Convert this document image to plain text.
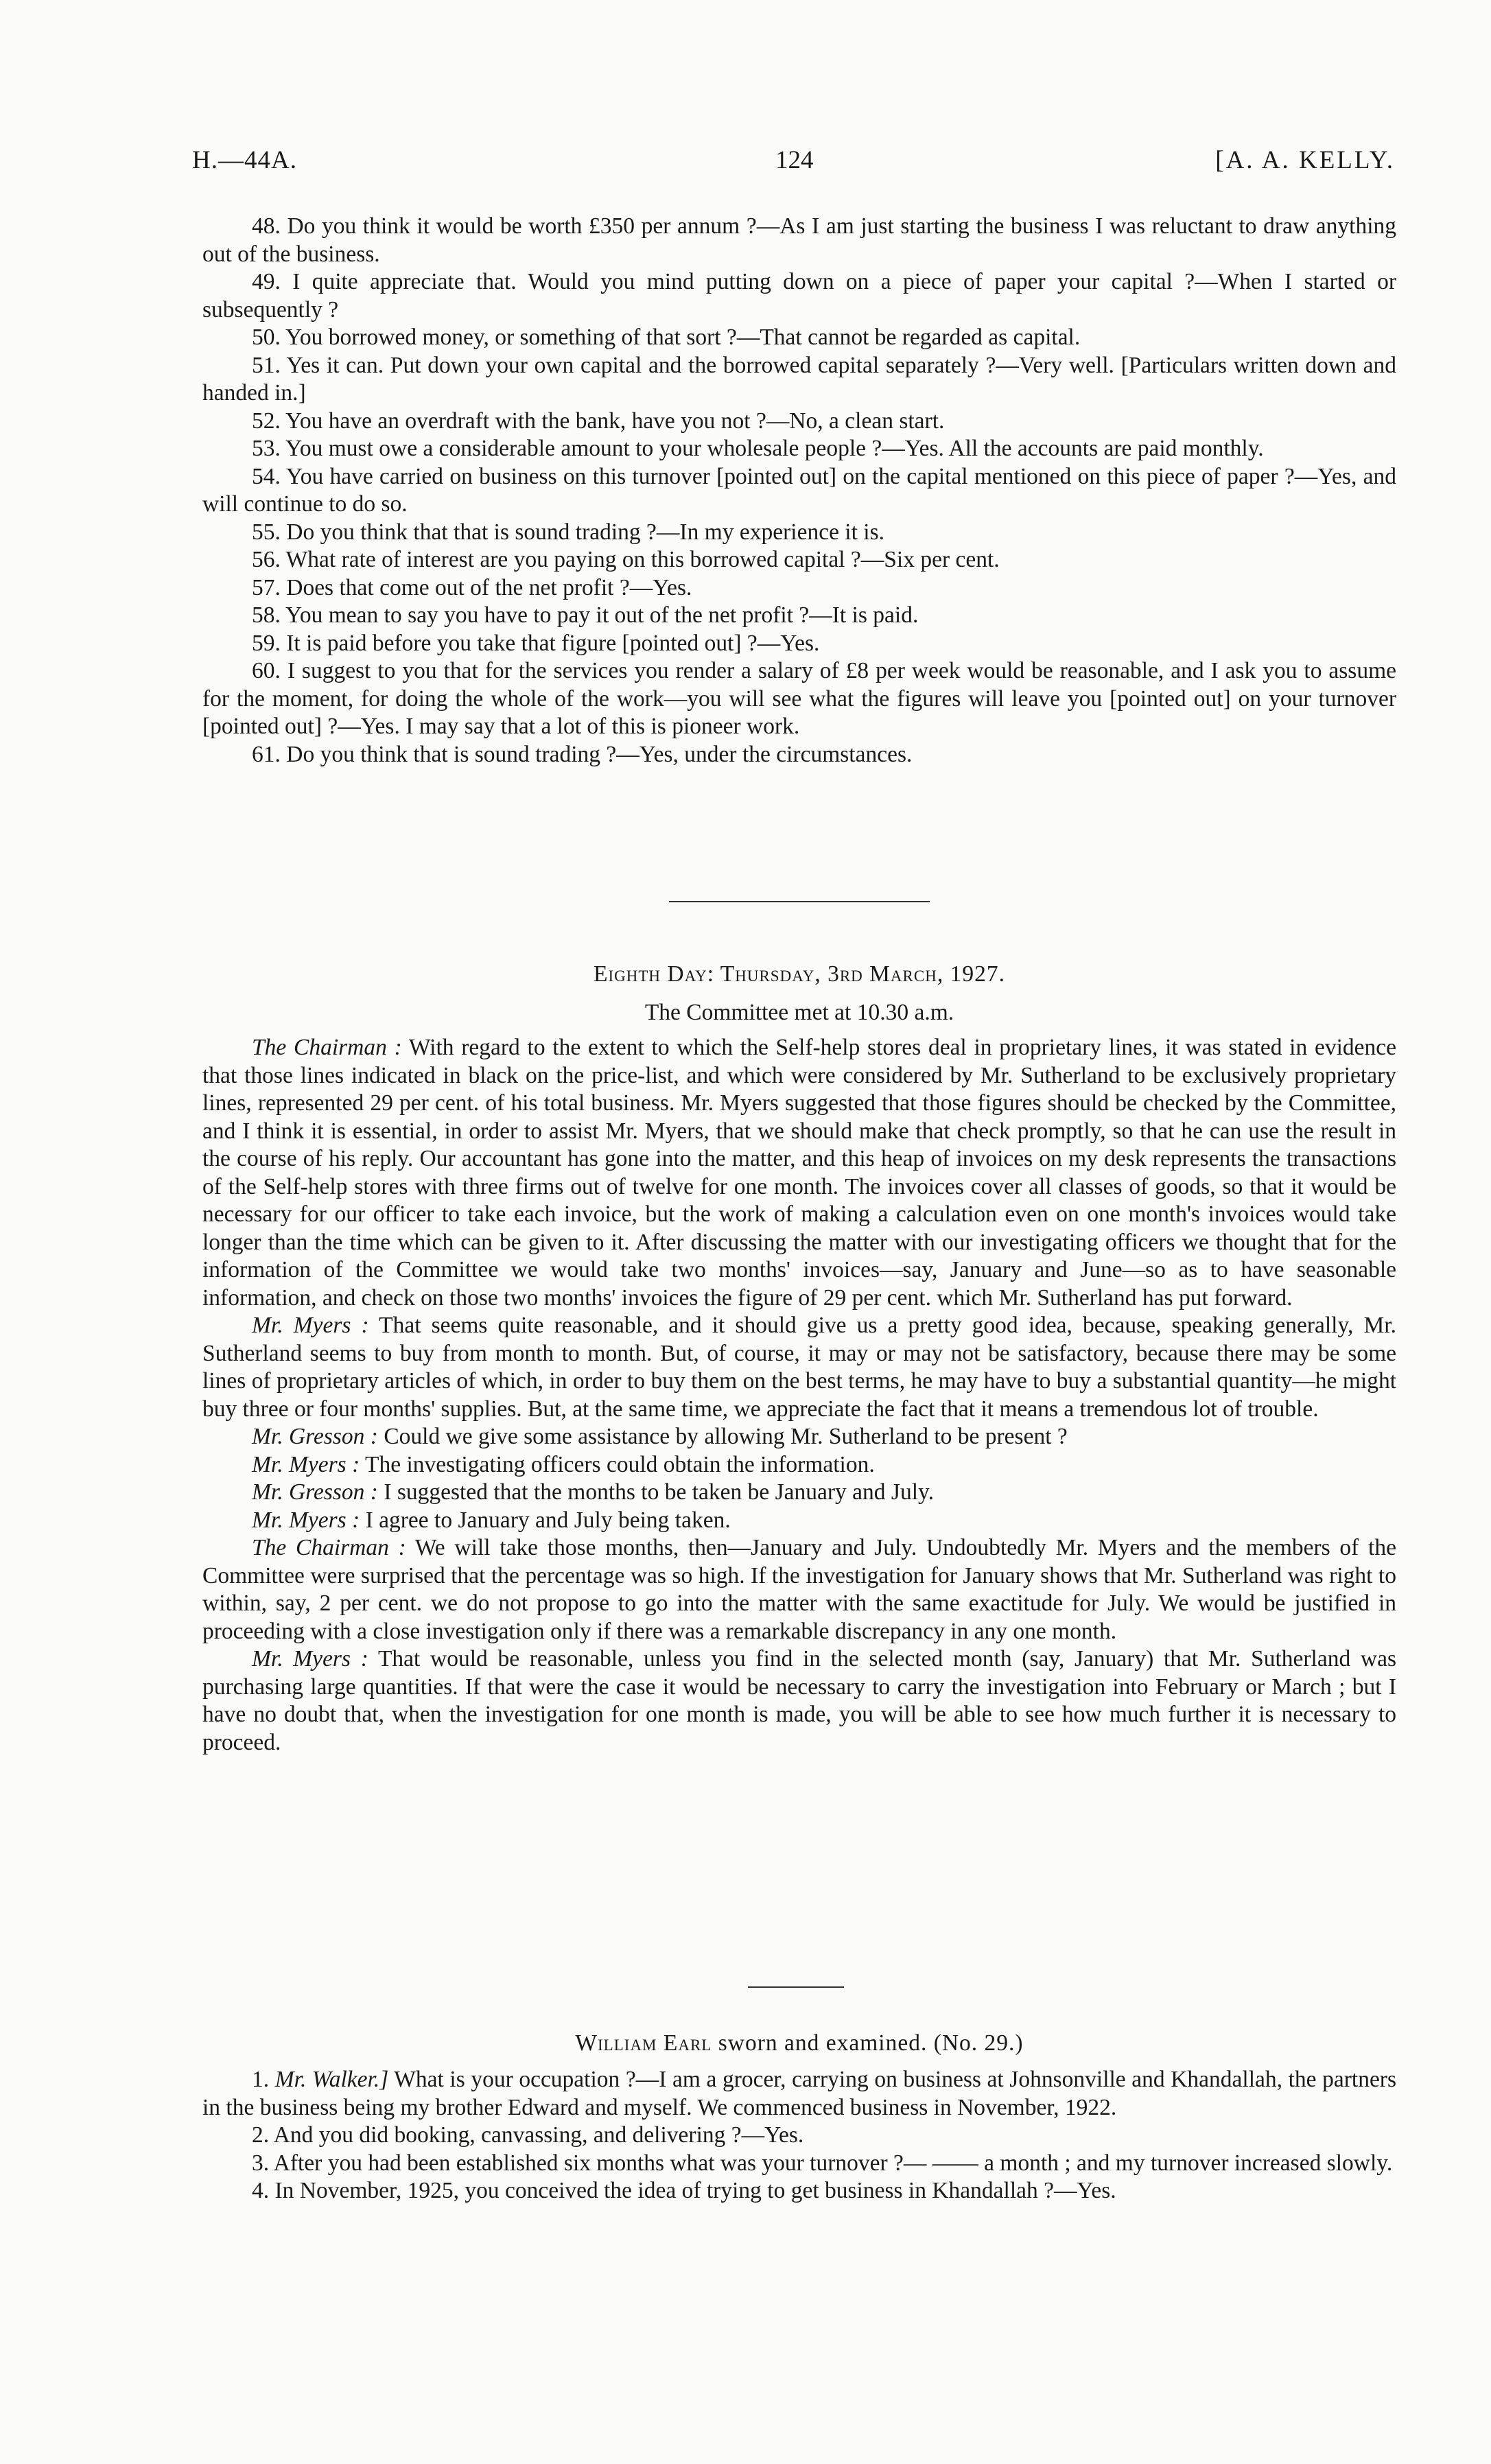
H.—44A.	124	[A. A. KELLY.

48. Do you think it would be worth £350 per annum ?—As I am just starting the business I was reluctant to draw anything out of the business.

49. I quite appreciate that. Would you mind putting down on a piece of paper your capital ?—When I started or subsequently ?

50. You borrowed money, or something of that sort ?—That cannot be regarded as capital.

51. Yes it can. Put down your own capital and the borrowed capital separately ?—Very well. [Particulars written down and handed in.]

52. You have an overdraft with the bank, have you not ?—No, a clean start.

53. You must owe a considerable amount to your wholesale people ?—Yes. All the accounts are paid monthly.

54. You have carried on business on this turnover [pointed out] on the capital mentioned on this piece of paper ?—Yes, and will continue to do so.

55. Do you think that that is sound trading ?—In my experience it is.

56. What rate of interest are you paying on this borrowed capital ?—Six per cent.

57. Does that come out of the net profit ?—Yes.

58. You mean to say you have to pay it out of the net profit ?—It is paid.

59. It is paid before you take that figure [pointed out] ?—Yes.

60. I suggest to you that for the services you render a salary of £8 per week would be reasonable, and I ask you to assume for the moment, for doing the whole of the work—you will see what the figures will leave you [pointed out] on your turnover [pointed out] ?—Yes. I may say that a lot of this is pioneer work.

61. Do you think that is sound trading ?—Yes, under the circumstances.

Eighth Day: Thursday, 3rd March, 1927.
The Committee met at 10.30 a.m.

The Chairman : With regard to the extent to which the Self-help stores deal in proprietary lines, it was stated in evidence that those lines indicated in black on the price-list, and which were considered by Mr. Sutherland to be exclusively proprietary lines, represented 29 per cent. of his total business. Mr. Myers suggested that those figures should be checked by the Committee, and I think it is essential, in order to assist Mr. Myers, that we should make that check promptly, so that he can use the result in the course of his reply. Our accountant has gone into the matter, and this heap of invoices on my desk represents the transactions of the Self-help stores with three firms out of twelve for one month. The invoices cover all classes of goods, so that it would be necessary for our officer to take each invoice, but the work of making a calculation even on one month's invoices would take longer than the time which can be given to it. After discussing the matter with our investigating officers we thought that for the information of the Committee we would take two months' invoices—say, January and June—so as to have seasonable information, and check on those two months' invoices the figure of 29 per cent. which Mr. Sutherland has put forward.

Mr. Myers : That seems quite reasonable, and it should give us a pretty good idea, because, speaking generally, Mr. Sutherland seems to buy from month to month. But, of course, it may or may not be satisfactory, because there may be some lines of proprietary articles of which, in order to buy them on the best terms, he may have to buy a substantial quantity—he might buy three or four months' supplies. But, at the same time, we appreciate the fact that it means a tremendous lot of trouble.

Mr. Gresson : Could we give some assistance by allowing Mr. Sutherland to be present ?

Mr. Myers : The investigating officers could obtain the information.

Mr. Gresson : I suggested that the months to be taken be January and July.

Mr. Myers : I agree to January and July being taken.

The Chairman : We will take those months, then—January and July. Undoubtedly Mr. Myers and the members of the Committee were surprised that the percentage was so high. If the investigation for January shows that Mr. Sutherland was right to within, say, 2 per cent. we do not propose to go into the matter with the same exactitude for July. We would be justified in proceeding with a close investigation only if there was a remarkable discrepancy in any one month.

Mr. Myers : That would be reasonable, unless you find in the selected month (say, January) that Mr. Sutherland was purchasing large quantities. If that were the case it would be necessary to carry the investigation into February or March ; but I have no doubt that, when the investigation for one month is made, you will be able to see how much further it is necessary to proceed.

William Earl sworn and examined. (No. 29.)

1. Mr. Walker.] What is your occupation ?—I am a grocer, carrying on business at Johnsonville and Khandallah, the partners in the business being my brother Edward and myself. We commenced business in November, 1922.

2. And you did booking, canvassing, and delivering ?—Yes.

3. After you had been established six months what was your turnover ?— —— a month ; and my turnover increased slowly.

4. In November, 1925, you conceived the idea of trying to get business in Khandallah ?—Yes.
